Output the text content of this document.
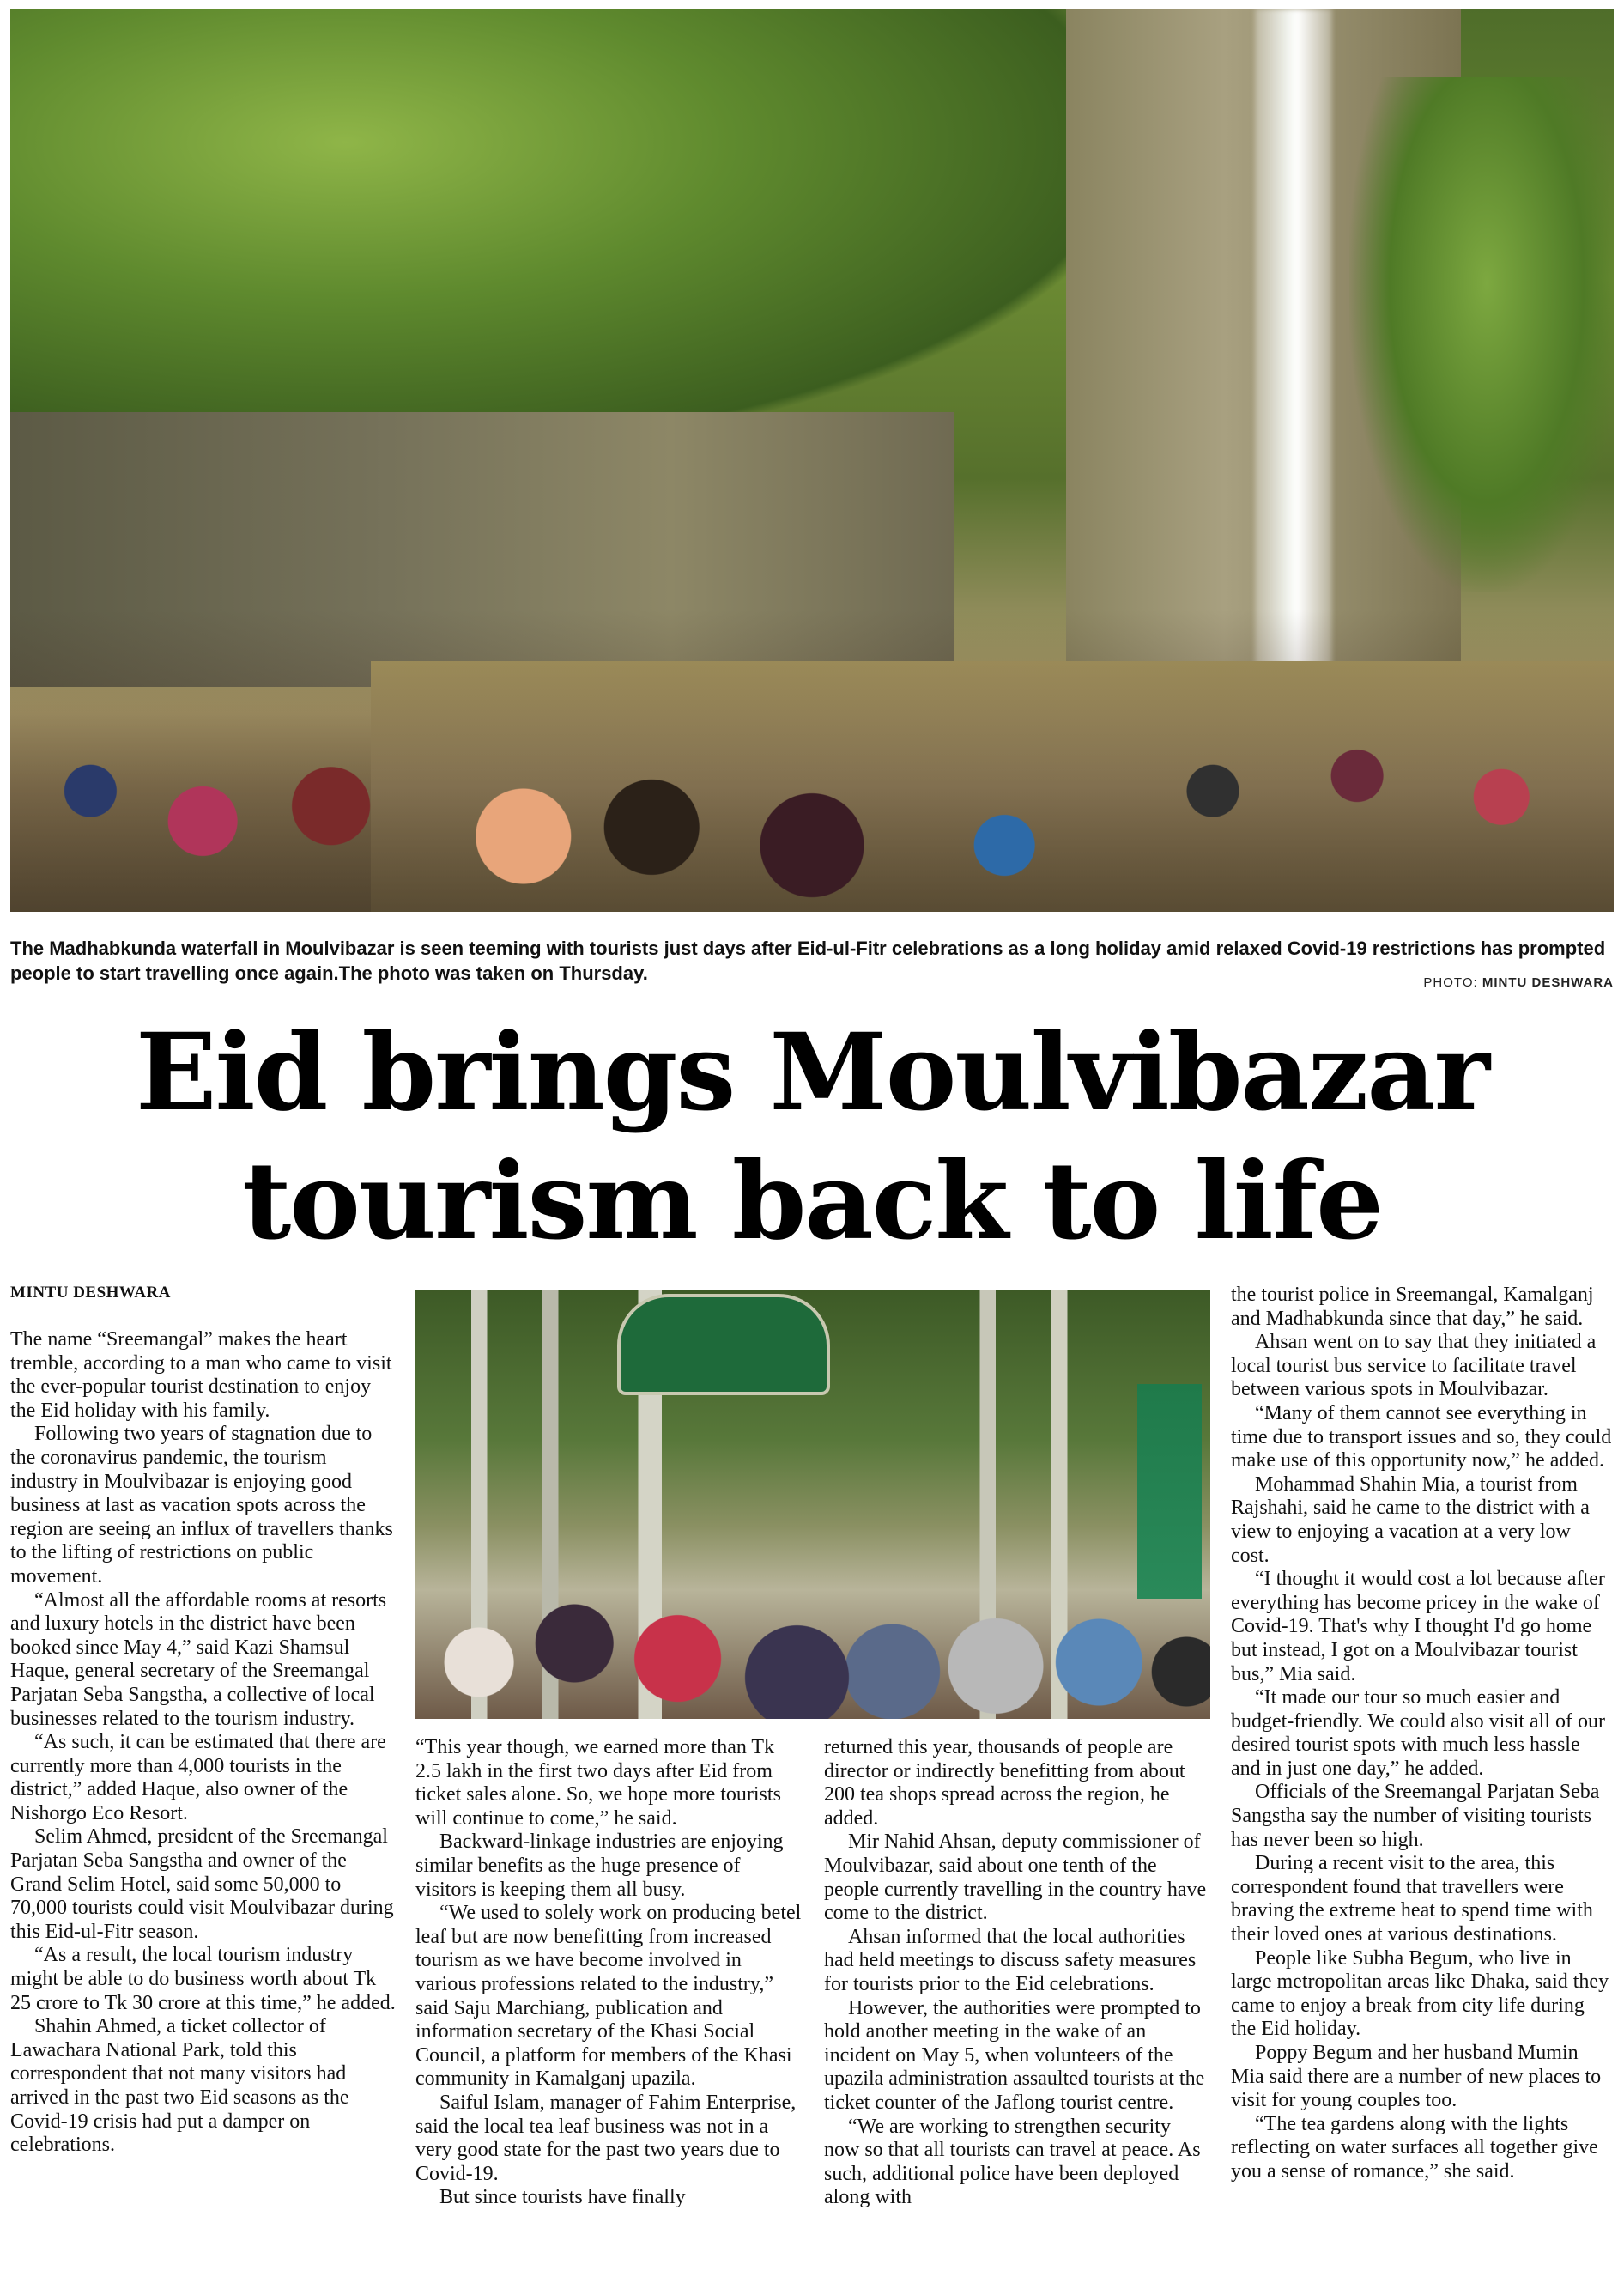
The Madhabkunda waterfall in Moulvibazar is seen teeming with tourists just days after Eid-ul-Fitr celebrations as a long holiday amid relaxed Covid-19 restrictions has prompted people to start travelling once again.The photo was taken on Thursday.	PHOTO: MINTU DESHWARA
Eid brings Moulvibazar
tourism back to life
MINTU DESHWARA

The name “Sreemangal” makes the heart tremble, according to a man who came to visit the ever-popular tourist destination to enjoy the Eid holiday with his family.

Following two years of stagnation due to the coronavirus pandemic, the tourism industry in Moulvibazar is enjoying good business at last as vacation spots across the region are seeing an influx of travellers thanks to the lifting of restrictions on public movement.

“Almost all the affordable rooms at resorts and luxury hotels in the district have been booked since May 4,” said Kazi Shamsul Haque, general secretary of the Sreemangal Parjatan Seba Sangstha, a collective of local businesses related to the tourism industry.

“As such, it can be estimated that there are currently more than 4,000 tourists in the district,” added Haque, also owner of the Nishorgo Eco Resort.

Selim Ahmed, president of the Sreemangal Parjatan Seba Sangstha and owner of the Grand Selim Hotel, said some 50,000 to 70,000 tourists could visit Moulvibazar during this Eid-ul-Fitr season.

“As a result, the local tourism industry might be able to do business worth about Tk 25 crore to Tk 30 crore at this time,” he added.

Shahin Ahmed, a ticket collector of Lawachara National Park, told this correspondent that not many visitors had arrived in the past two Eid seasons as the Covid-19 crisis had put a damper on celebrations.

“This year though, we earned more than Tk 2.5 lakh in the first two days after Eid from ticket sales alone. So, we hope more tourists will continue to come,” he said.

Backward-linkage industries are enjoying similar benefits as the huge presence of visitors is keeping them all busy.

“We used to solely work on producing betel leaf but are now benefitting from increased tourism as we have become involved in various professions related to the industry,” said Saju Marchiang, publication and information secretary of the Khasi Social Council, a platform for members of the Khasi community in Kamalganj upazila.

Saiful Islam, manager of Fahim Enterprise, said the local tea leaf business was not in a very good state for the past two years due to Covid-19.

But since tourists have finally

returned this year, thousands of people are director or indirectly benefitting from about 200 tea shops spread across the region, he added.

Mir Nahid Ahsan, deputy commissioner of Moulvibazar, said about one tenth of the people currently travelling in the country have come to the district.

Ahsan informed that the local authorities had held meetings to discuss safety measures for tourists prior to the Eid celebrations.

However, the authorities were prompted to hold another meeting in the wake of an incident on May 5, when volunteers of the upazila administration assaulted tourists at the ticket counter of the Jaflong tourist centre.

“We are working to strengthen security now so that all tourists can travel at peace. As such, additional police have been deployed along with

the tourist police in Sreemangal, Kamalganj and Madhabkunda since that day,” he said.

Ahsan went on to say that they initiated a local tourist bus service to facilitate travel between various spots in Moulvibazar.

“Many of them cannot see everything in time due to transport issues and so, they could make use of this opportunity now,” he added.

Mohammad Shahin Mia, a tourist from Rajshahi, said he came to the district with a view to enjoying a vacation at a very low cost.

“I thought it would cost a lot because after everything has become pricey in the wake of Covid-19. That's why I thought I'd go home but instead, I got on a Moulvibazar tourist bus,” Mia said.

“It made our tour so much easier and budget-friendly. We could also visit all of our desired tourist spots with much less hassle and in just one day,” he added.

Officials of the Sreemangal Parjatan Seba Sangstha say the number of visiting tourists has never been so high.

During a recent visit to the area, this correspondent found that travellers were braving the extreme heat to spend time with their loved ones at various destinations.

People like Subha Begum, who live in large metropolitan areas like Dhaka, said they came to enjoy a break from city life during the Eid holiday.

Poppy Begum and her husband Mumin Mia said there are a number of new places to visit for young couples too.

“The tea gardens along with the lights reflecting on water surfaces all together give you a sense of romance,” she said.
